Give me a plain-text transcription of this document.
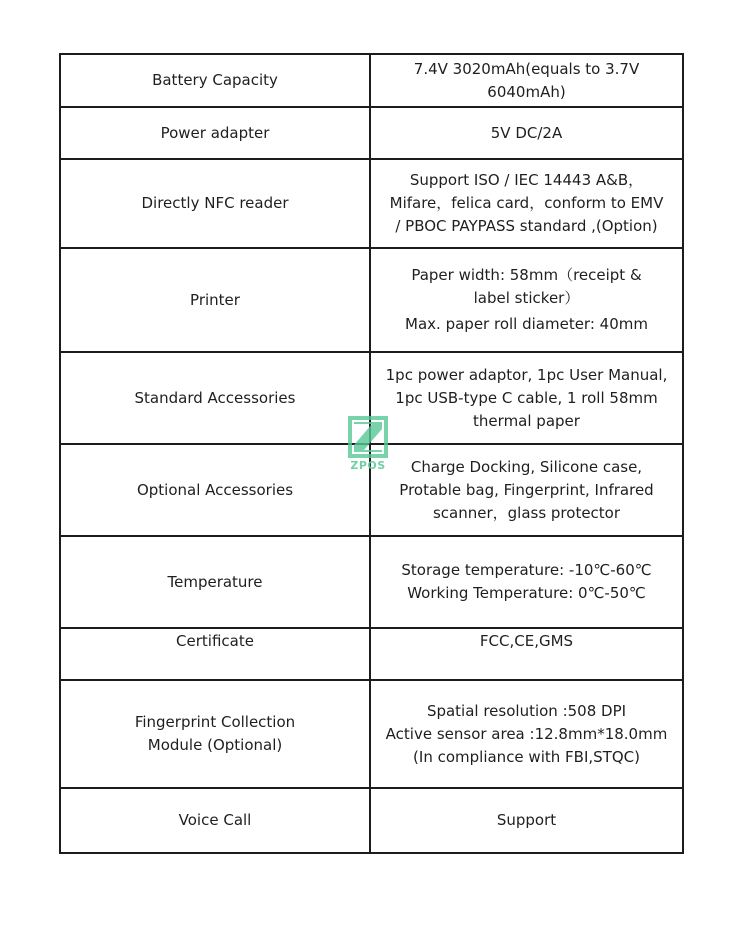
Battery Capacity	7.4V 3020mAh(equals to 3.7V
6040mAh)

Power adapter	5V DC/2A

Directly NFC reader	Support ISO / IEC 14443 A&B，
Mifare，felica card，conform to EMV
/ PBOC PAYPASS standard ,(Option)

Printer	Paper width: 58mm（receipt &
label sticker）
Max. paper roll diameter: 40mm

Standard Accessories	1pc power adaptor, 1pc User Manual,
1pc USB-type C cable, 1 roll 58mm
thermal paper

Optional Accessories	Charge Docking, Silicone case,
Protable bag, Fingerprint, Infrared
scanner，glass protector

Temperature	Storage temperature: -10℃-60℃
Working Temperature: 0℃-50℃

Certificate	FCC,CE,GMS

Fingerprint Collection
Module (Optional)	Spatial resolution :508 DPI
Active sensor area :12.8mm*18.0mm
(In compliance with FBI,STQC)

Voice Call	Support
ZPOS
